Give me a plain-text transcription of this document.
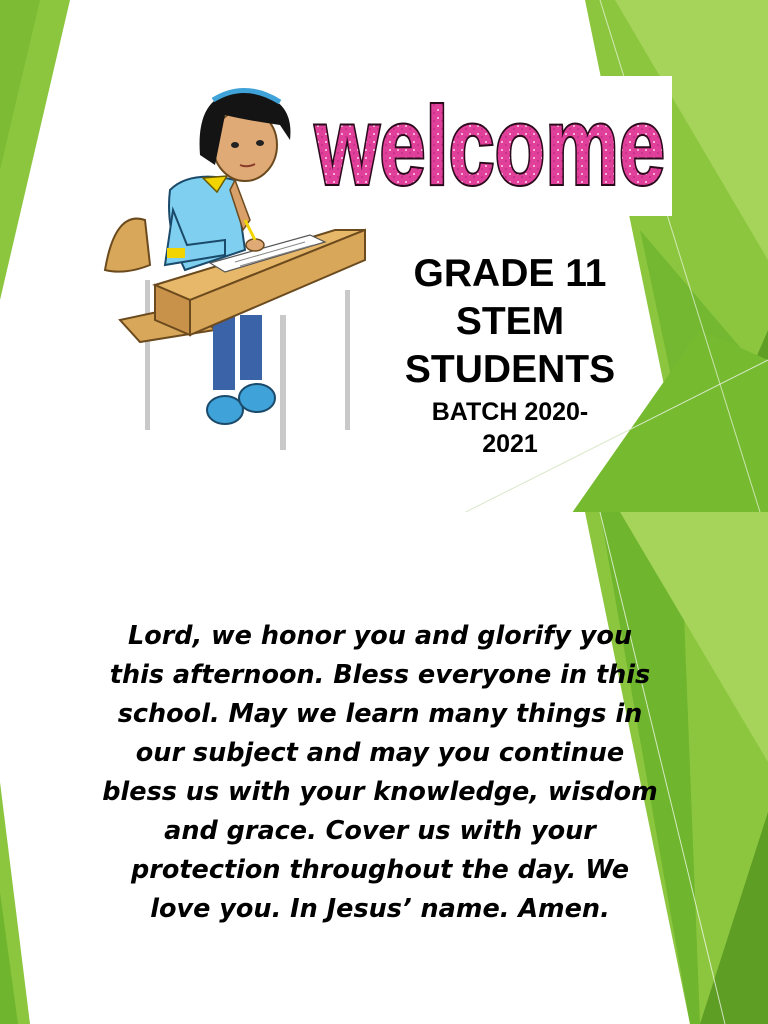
welcome
GRADE 11
STEM
STUDENTS
BATCH 2020-
2021

Lord, we honor you and glorify you this afternoon. Bless everyone in this school. May we learn many things in our subject and may you continue bless us with your knowledge, wisdom and grace. Cover us with your protection throughout the day. We love you. In Jesus’ name. Amen.
